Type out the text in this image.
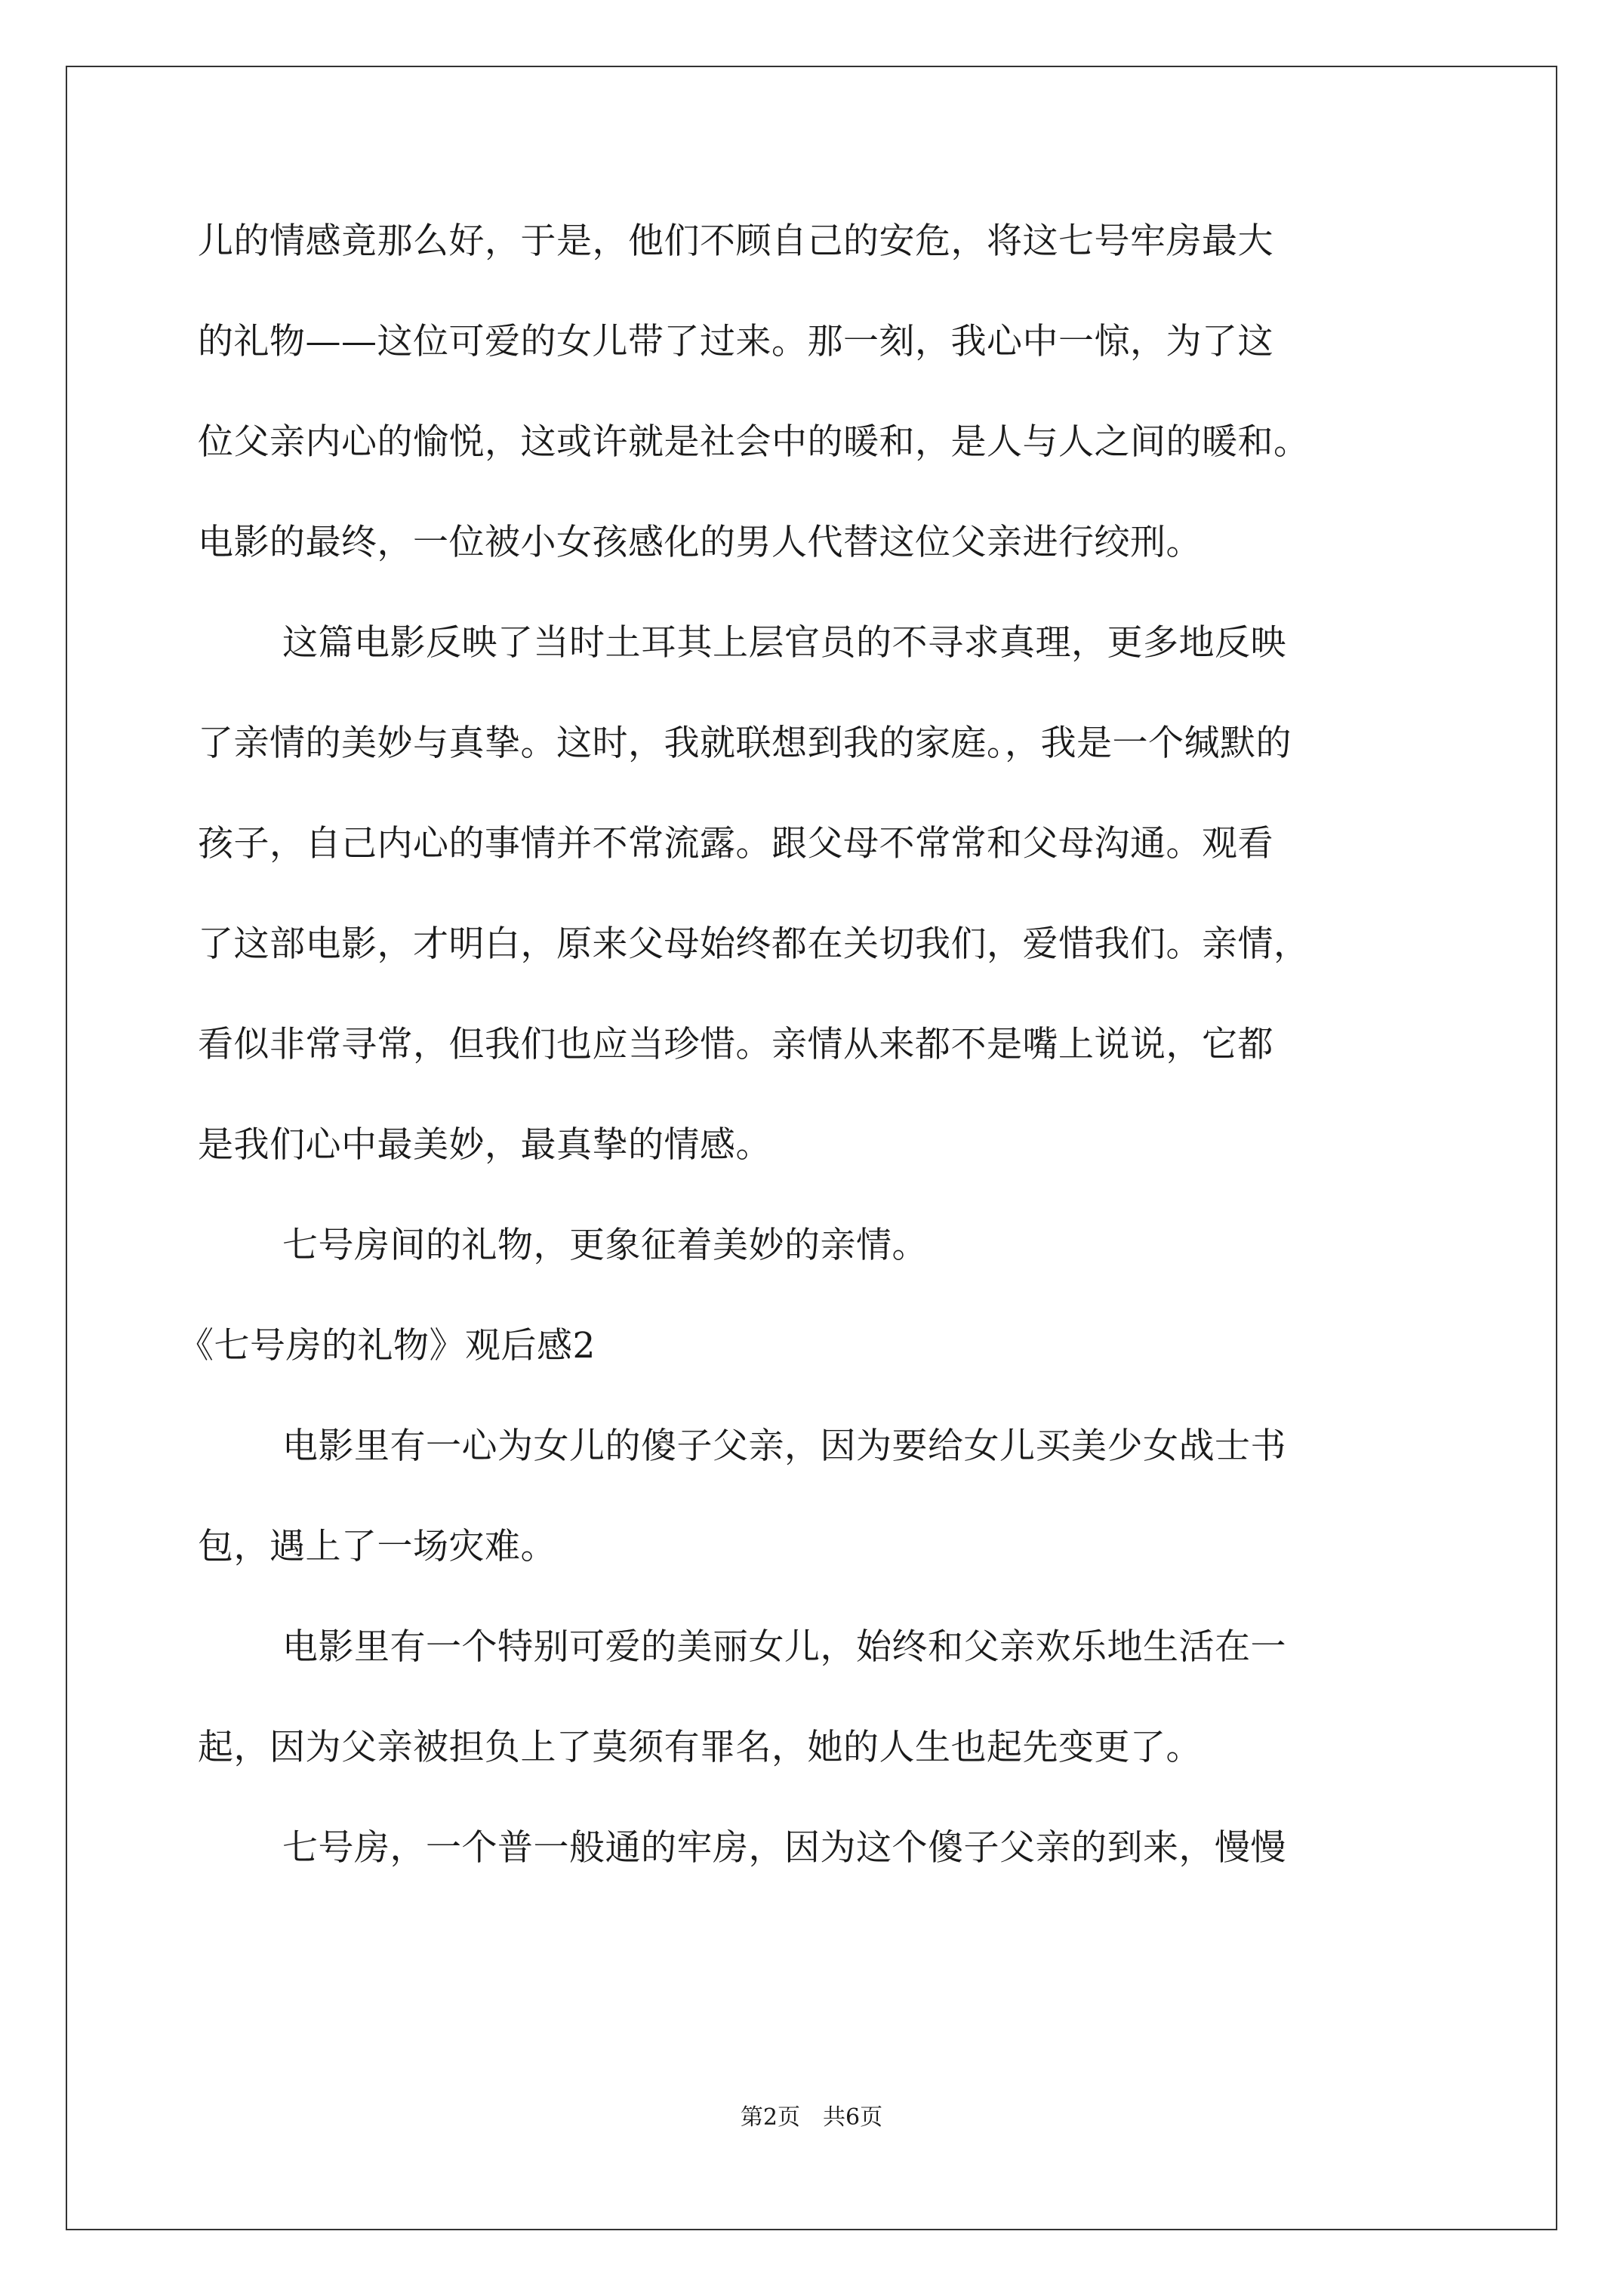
儿的情感竟那么好，于是，他们不顾自己的安危，将这七号牢房最大
的礼物——这位可爱的女儿带了过来。那一刻，我心中一惊，为了这
位父亲内心的愉悦，这或许就是社会中的暖和，是人与人之间的暖和。
电影的最终，一位被小女孩感化的男人代替这位父亲进行绞刑。
这篇电影反映了当时土耳其上层官员的不寻求真理，更多地反映
了亲情的美妙与真挚。这时，我就联想到我的家庭。，我是一个缄默的
孩子，自己内心的事情并不常流露。跟父母不常常和父母沟通。观看
了这部电影，才明白，原来父母始终都在关切我们，爱惜我们。亲情，
看似非常寻常，但我们也应当珍惜。亲情从来都不是嘴上说说，它都
是我们心中最美妙，最真挚的情感。
七号房间的礼物，更象征着美妙的亲情。
《七号房的礼物》观后感2
电影里有一心为女儿的傻子父亲，因为要给女儿买美少女战士书
包，遇上了一场灾难。
电影里有一个特别可爱的美丽女儿，始终和父亲欢乐地生活在一
起，因为父亲被担负上了莫须有罪名，她的人生也起先变更了。
七号房，一个普一般通的牢房，因为这个傻子父亲的到来，慢慢
第2页　共6页
